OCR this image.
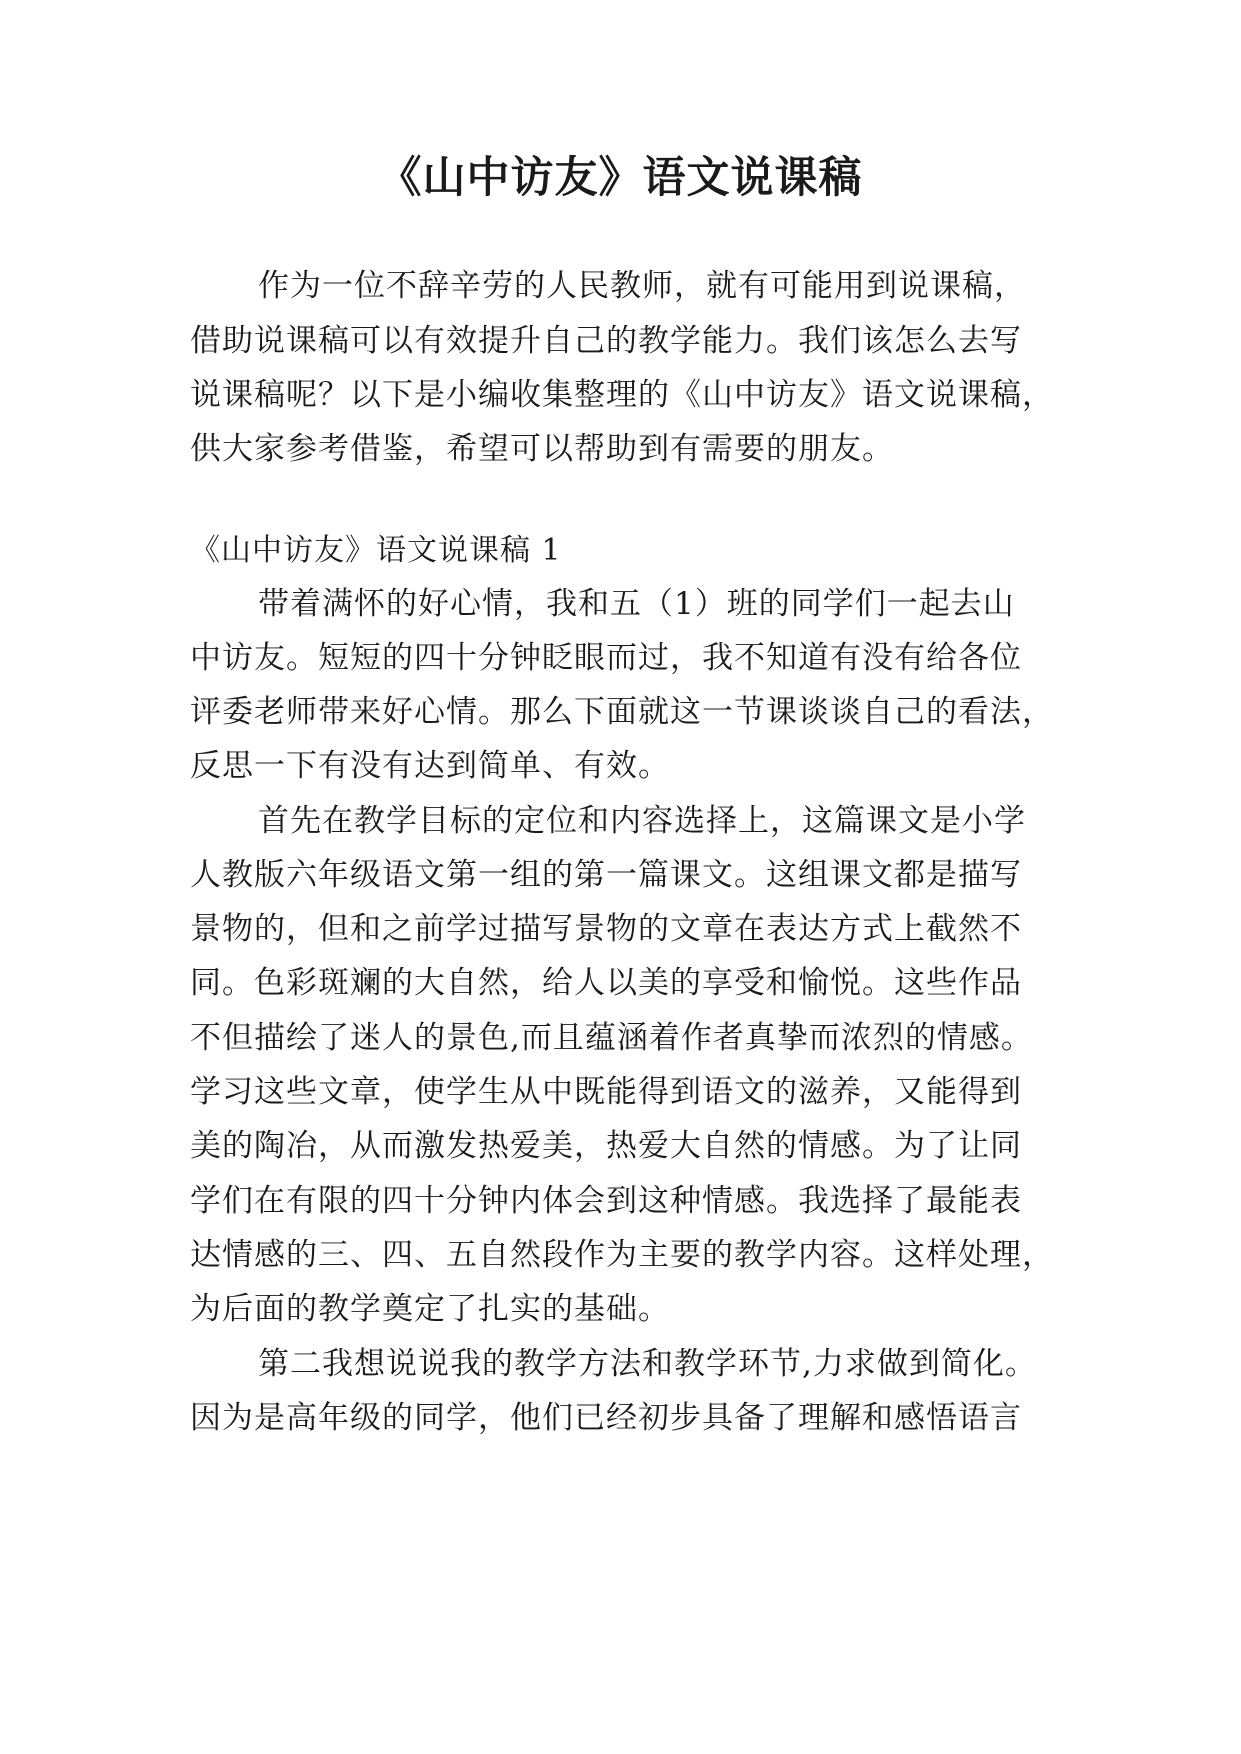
《山中访友》语文说课稿

作为一位不辞辛劳的人民教师，就有可能用到说课稿，

借助说课稿可以有效提升自己的教学能力。我们该怎么去写

说课稿呢？以下是小编收集整理的《山中访友》语文说课稿，

供大家参考借鉴，希望可以帮助到有需要的朋友。

《山中访友》语文说课稿 1

带着满怀的好心情，我和五（1）班的同学们一起去山

中访友。短短的四十分钟眨眼而过，我不知道有没有给各位

评委老师带来好心情。那么下面就这一节课谈谈自己的看法，

反思一下有没有达到简单、有效。

首先在教学目标的定位和内容选择上，这篇课文是小学

人教版六年级语文第一组的第一篇课文。这组课文都是描写

景物的，但和之前学过描写景物的文章在表达方式上截然不

同。色彩斑斓的大自然，给人以美的享受和愉悦。这些作品

不但描绘了迷人的景色,而且蕴涵着作者真挚而浓烈的情感。

学习这些文章，使学生从中既能得到语文的滋养，又能得到

美的陶冶，从而激发热爱美，热爱大自然的情感。为了让同

学们在有限的四十分钟内体会到这种情感。我选择了最能表

达情感的三、四、五自然段作为主要的教学内容。这样处理，

为后面的教学奠定了扎实的基础。

第二我想说说我的教学方法和教学环节,力求做到简化。

因为是高年级的同学，他们已经初步具备了理解和感悟语言
